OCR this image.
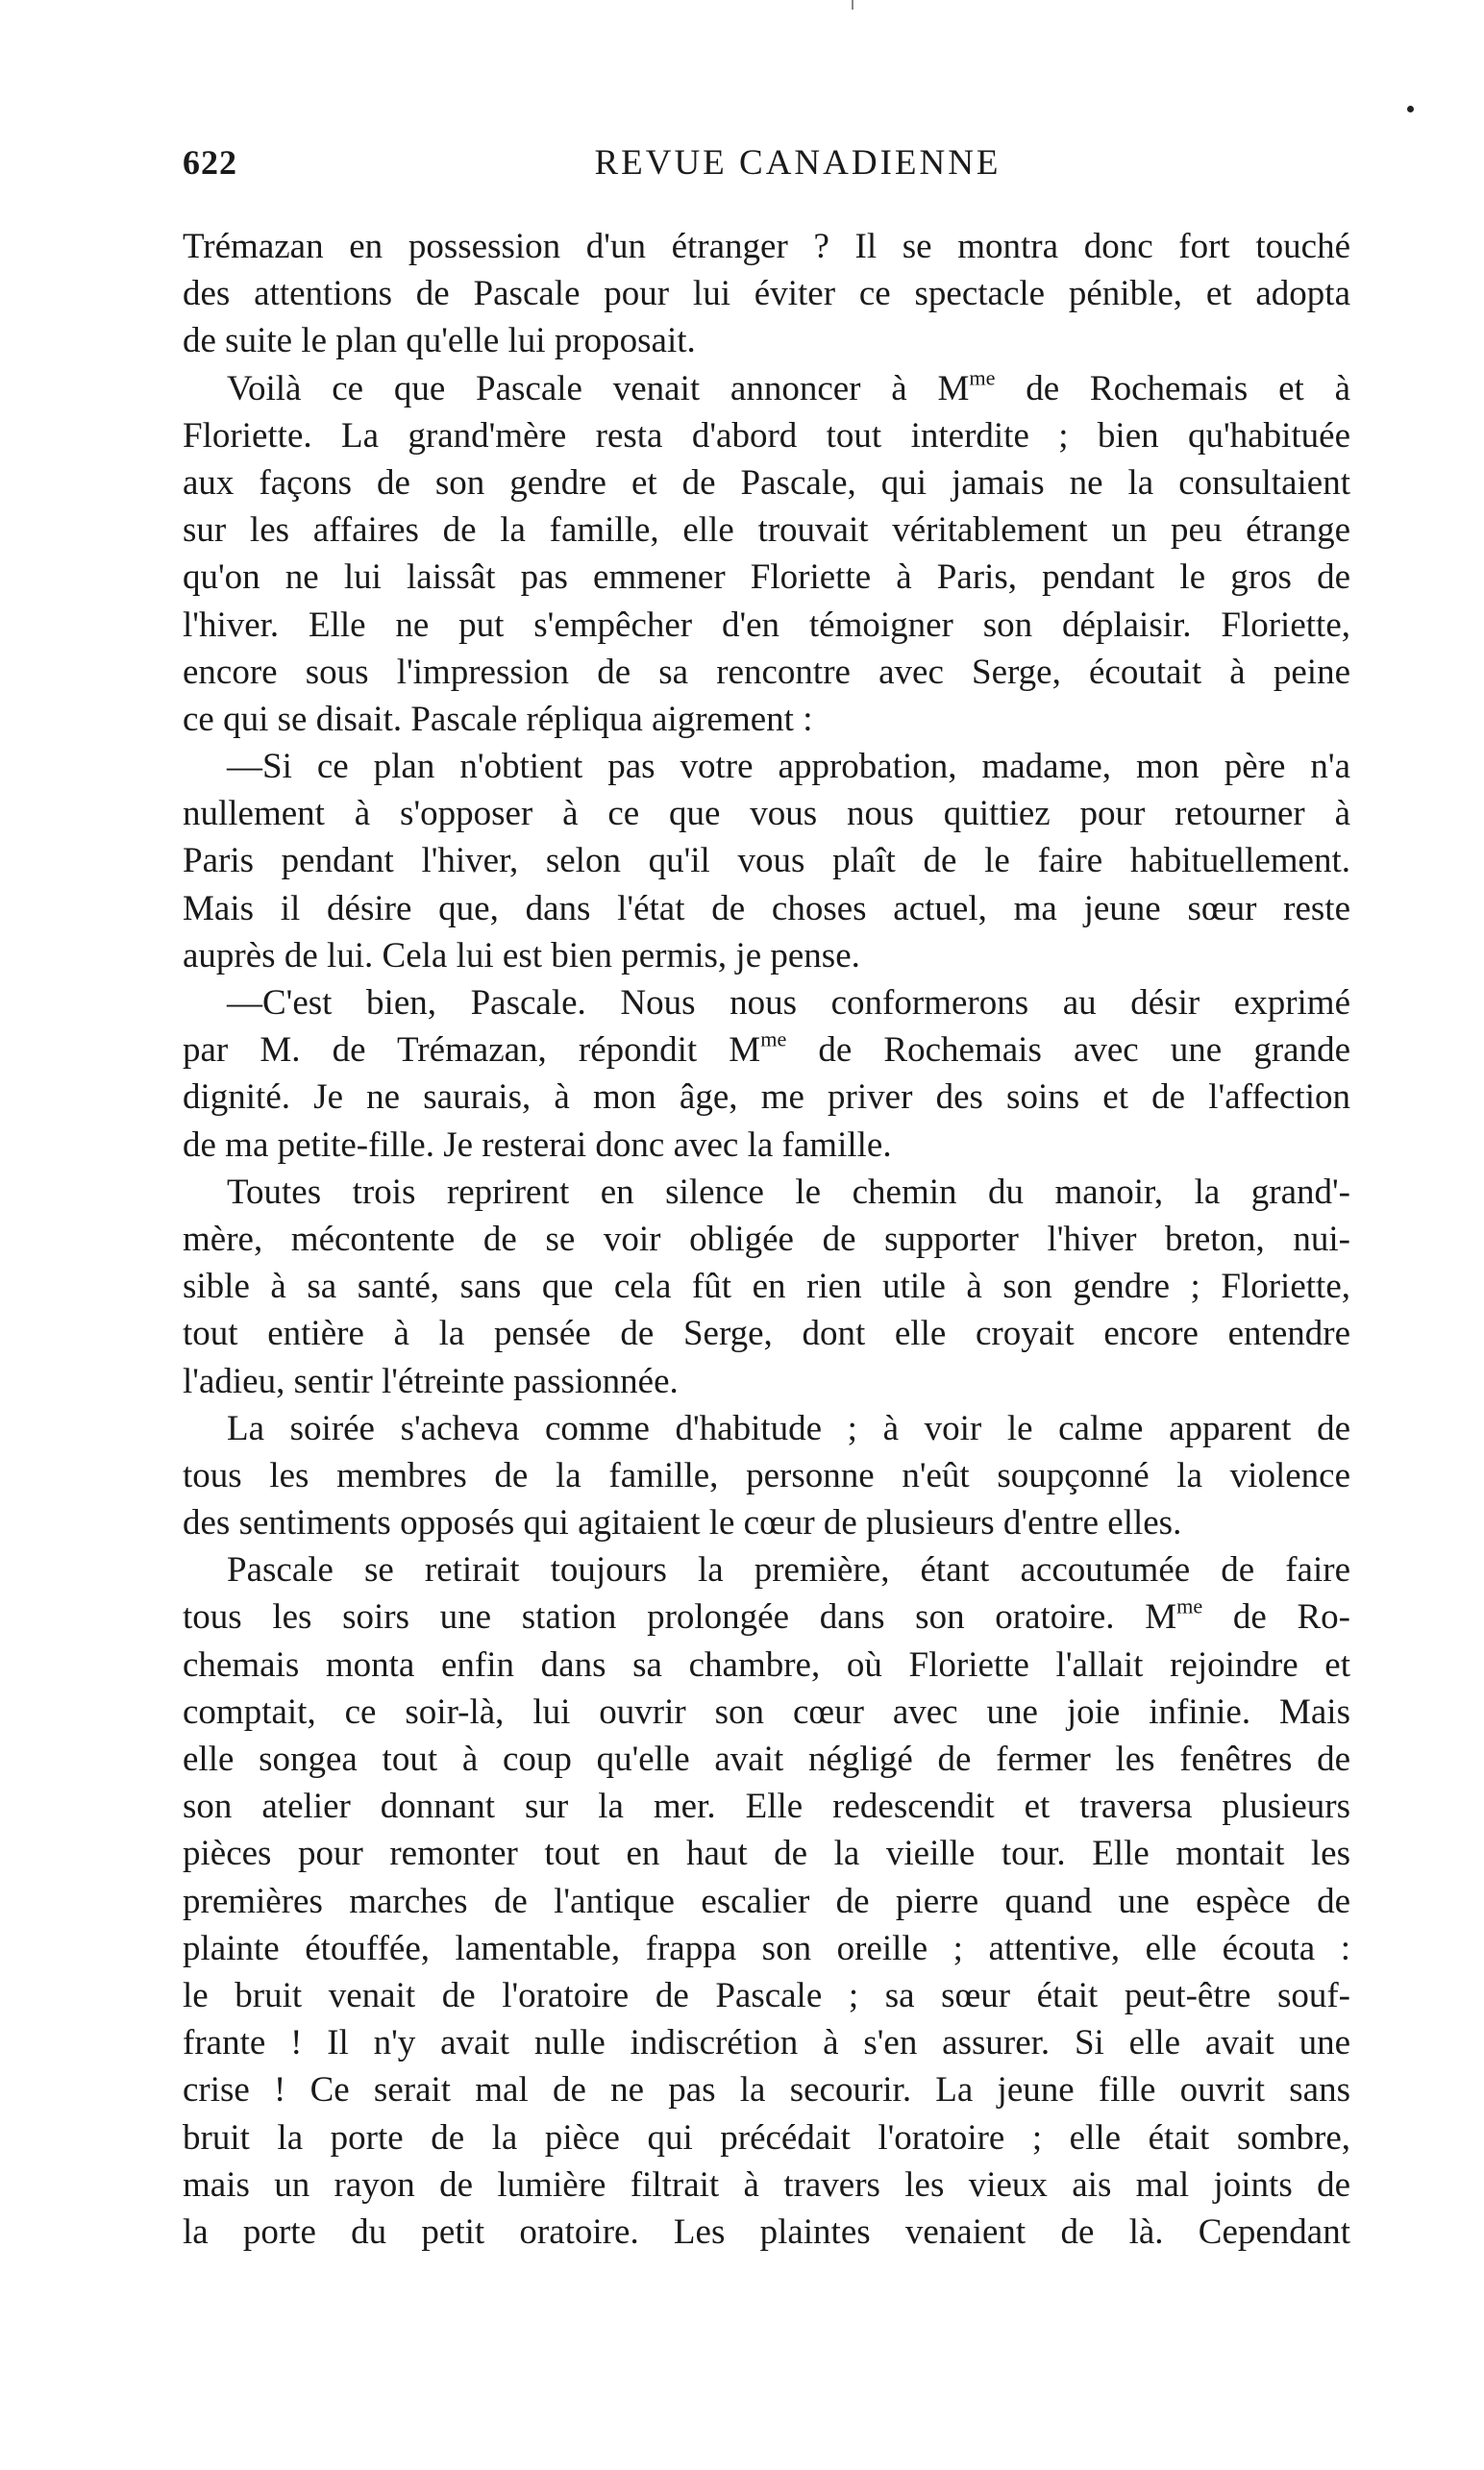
622	REVUE CANADIENNE
Trémazan en possession d'un étranger ? Il se montra donc fort touché
des attentions de Pascale pour lui éviter ce spectacle pénible, et adopta
de suite le plan qu'elle lui proposait.
Voilà ce que Pascale venait annoncer à $M^{me}$ de Rochemais et à
Floriette. La grand'mère resta d'abord tout interdite ; bien qu'habituée
aux façons de son gendre et de Pascale, qui jamais ne la consultaient
sur les affaires de la famille, elle trouvait véritablement un peu étrange
qu'on ne lui laissât pas emmener Floriette à Paris, pendant le gros de
l'hiver. Elle ne put s'empêcher d'en témoigner son déplaisir. Floriette,
encore sous l'impression de sa rencontre avec Serge, écoutait à peine
ce qui se disait. Pascale répliqua aigrement :
—Si ce plan n'obtient pas votre approbation, madame, mon père n'a
nullement à s'opposer à ce que vous nous quittiez pour retourner à
Paris pendant l'hiver, selon qu'il vous plaît de le faire habituellement.
Mais il désire que, dans l'état de choses actuel, ma jeune sœur reste
auprès de lui. Cela lui est bien permis, je pense.
—C'est bien, Pascale. Nous nous conformerons au désir exprimé
par M. de Trémazan, répondit $M^{me}$ de Rochemais avec une grande
dignité. Je ne saurais, à mon âge, me priver des soins et de l'affection
de ma petite-fille. Je resterai donc avec la famille.
Toutes trois reprirent en silence le chemin du manoir, la grand'-
mère, mécontente de se voir obligée de supporter l'hiver breton, nui-
sible à sa santé, sans que cela fût en rien utile à son gendre ; Floriette,
tout entière à la pensée de Serge, dont elle croyait encore entendre
l'adieu, sentir l'étreinte passionnée.
La soirée s'acheva comme d'habitude ; à voir le calme apparent de
tous les membres de la famille, personne n'eût soupçonné la violence
des sentiments opposés qui agitaient le cœur de plusieurs d'entre elles.
Pascale se retirait toujours la première, étant accoutumée de faire
tous les soirs une station prolongée dans son oratoire. $M^{me}$ de Ro-
chemais monta enfin dans sa chambre, où Floriette l'allait rejoindre et
comptait, ce soir-là, lui ouvrir son cœur avec une joie infinie. Mais
elle songea tout à coup qu'elle avait négligé de fermer les fenêtres de
son atelier donnant sur la mer. Elle redescendit et traversa plusieurs
pièces pour remonter tout en haut de la vieille tour. Elle montait les
premières marches de l'antique escalier de pierre quand une espèce de
plainte étouffée, lamentable, frappa son oreille ; attentive, elle écouta :
le bruit venait de l'oratoire de Pascale ; sa sœur était peut-être souf-
frante ! Il n'y avait nulle indiscrétion à s'en assurer. Si elle avait une
crise ! Ce serait mal de ne pas la secourir. La jeune fille ouvrit sans
bruit la porte de la pièce qui précédait l'oratoire ; elle était sombre,
mais un rayon de lumière filtrait à travers les vieux ais mal joints de
la porte du petit oratoire. Les plaintes venaient de là. Cependant
